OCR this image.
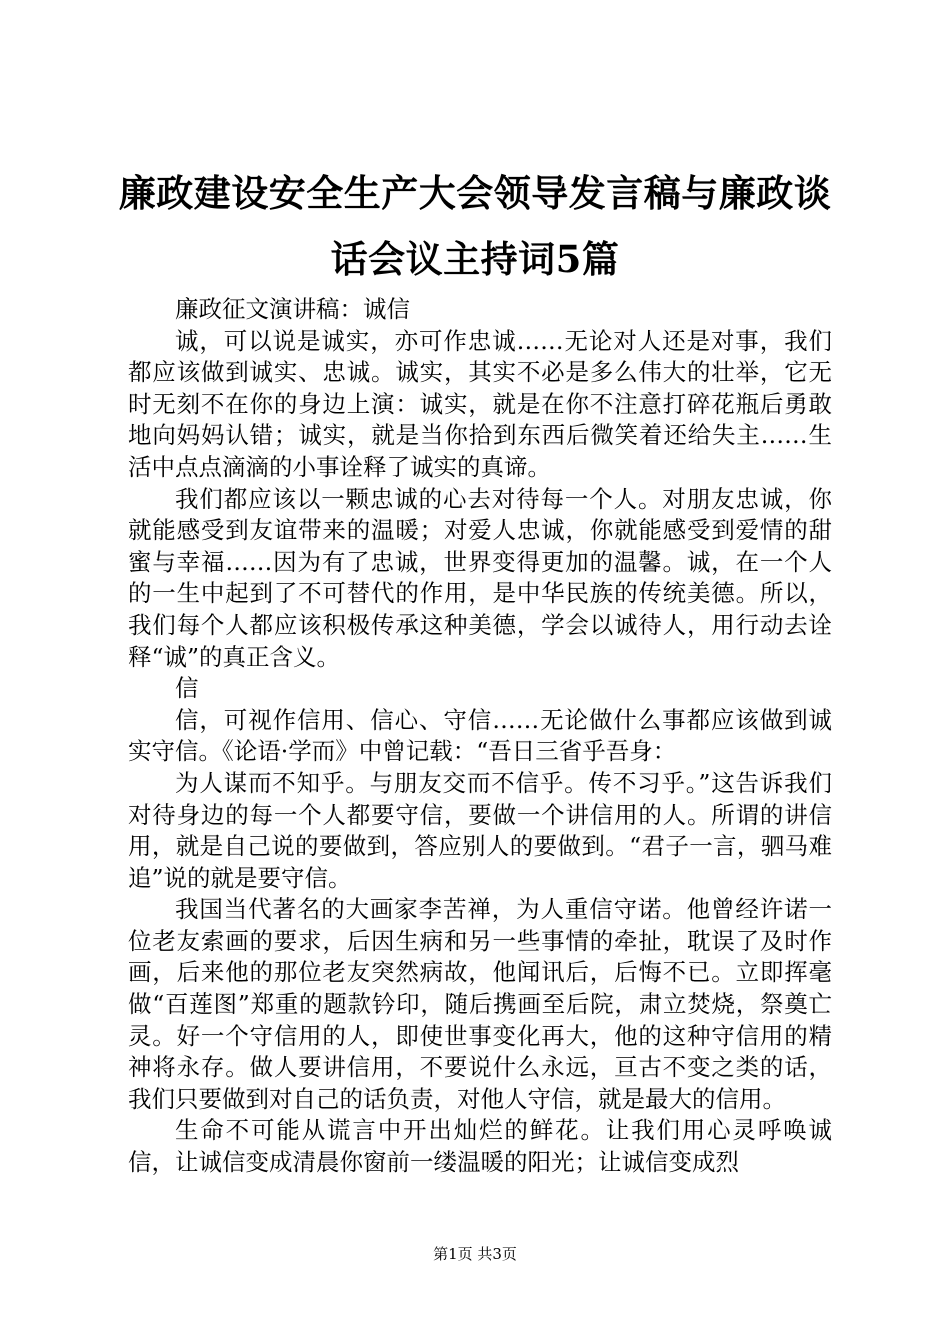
廉政建设安全生产大会领导发言稿与廉政谈话会议主持词5篇

廉政征文演讲稿：诚信

诚，可以说是诚实，亦可作忠诚……无论对人还是对事，我们都应该做到诚实、忠诚。诚实，其实不必是多么伟大的壮举，它无时无刻不在你的身边上演：诚实，就是在你不注意打碎花瓶后勇敢地向妈妈认错；诚实，就是当你拾到东西后微笑着还给失主……生活中点点滴滴的小事诠释了诚实的真谛。

我们都应该以一颗忠诚的心去对待每一个人。对朋友忠诚，你就能感受到友谊带来的温暖；对爱人忠诚，你就能感受到爱情的甜蜜与幸福……因为有了忠诚，世界变得更加的温馨。诚，在一个人的一生中起到了不可替代的作用，是中华民族的传统美德。所以，我们每个人都应该积极传承这种美德，学会以诚待人，用行动去诠释“诚”的真正含义。

信

信，可视作信用、信心、守信……无论做什么事都应该做到诚实守信。《论语·学而》中曾记载：“吾日三省乎吾身：

为人谋而不知乎。与朋友交而不信乎。传不习乎。”这告诉我们对待身边的每一个人都要守信，要做一个讲信用的人。所谓的讲信用，就是自己说的要做到，答应别人的要做到。“君子一言，驷马难追”说的就是要守信。

我国当代著名的大画家李苦禅，为人重信守诺。他曾经许诺一位老友索画的要求，后因生病和另一些事情的牵扯，耽误了及时作画，后来他的那位老友突然病故，他闻讯后，后悔不已。立即挥毫做“百莲图”郑重的题款钤印，随后携画至后院，肃立焚烧，祭奠亡灵。好一个守信用的人，即使世事变化再大，他的这种守信用的精神将永存。做人要讲信用，不要说什么永远，亘古不变之类的话，我们只要做到对自己的话负责，对他人守信，就是最大的信用。

生命不可能从谎言中开出灿烂的鲜花。让我们用心灵呼唤诚信，让诚信变成清晨你窗前一缕温暖的阳光；让诚信变成烈

第1页 共3页
